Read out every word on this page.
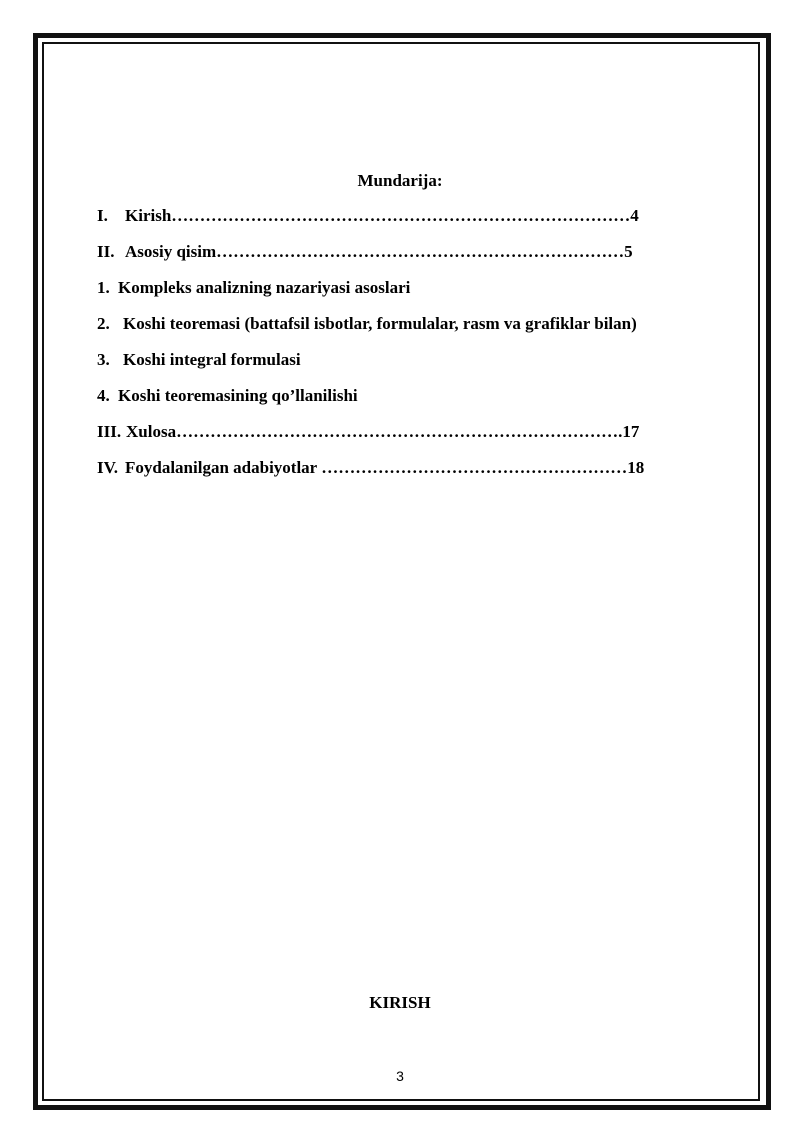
Mundarija:
I. Kirish………………………………………………………………………4
II. Asosiy qisim………………………………………………………………5
1. Kompleks analizning nazariyasi asoslari
2. Koshi teoremasi (battafsil isbotlar, formulalar, rasm va grafiklar bilan)
3. Koshi integral formulasi
4. Koshi teoremasining qo’llanilishi
III. Xulosa…………………………………………………………………….17
IV. Foydalanilgan adabiyotlar ………………………………………………18
KIRISH
3
